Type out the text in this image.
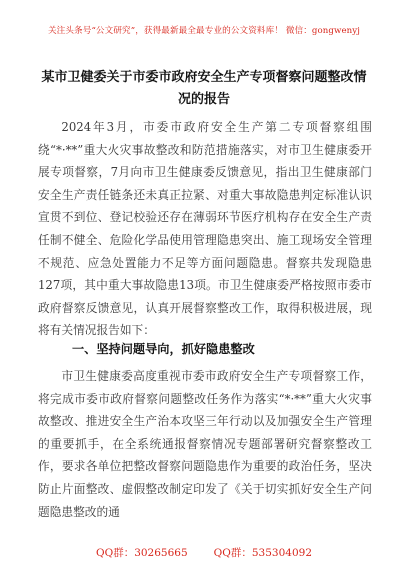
关注头条号“公文研究”，获得最新最全最专业的公文资料库！ 微信：gongwenyj
某市卫健委关于市委市政府安全生产专项督察问题整改情况的报告
2024年3月，市委市政府安全生产第二专项督察组围绕“*·**”重大火灾事故整改和防范措施落实，对市卫生健康委开展专项督察，7月向市卫生健康委反馈意见，指出卫生健康部门安全生产责任链条还未真正拉紧、对重大事故隐患判定标准认识宣贯不到位、登记校验还存在薄弱环节医疗机构存在安全生产责任制不健全、危险化学品使用管理隐患突出、施工现场安全管理不规范、应急处置能力不足等方面问题隐患。督察共发现隐患127项，其中重大事故隐患13项。市卫生健康委严格按照市委市政府督察反馈意见，认真开展督察整改工作，取得积极进展，现将有关情况报告如下：
一、坚持问题导向，抓好隐患整改
市卫生健康委高度重视市委市政府安全生产专项督察工作，将完成市委市政府督察问题整改任务作为落实“*·**”重大火灾事故整改、推进安全生产治本攻坚三年行动以及加强安全生产管理的重要抓手，在全系统通报督察情况专题部署研究督察整改工作，要求各单位把整改督察问题隐患作为重要的政治任务，坚决防止片面整改、虚假整改制定印发了《关于切实抓好安全生产问题隐患整改的通
QQ群：30265665 QQ群：535304092
